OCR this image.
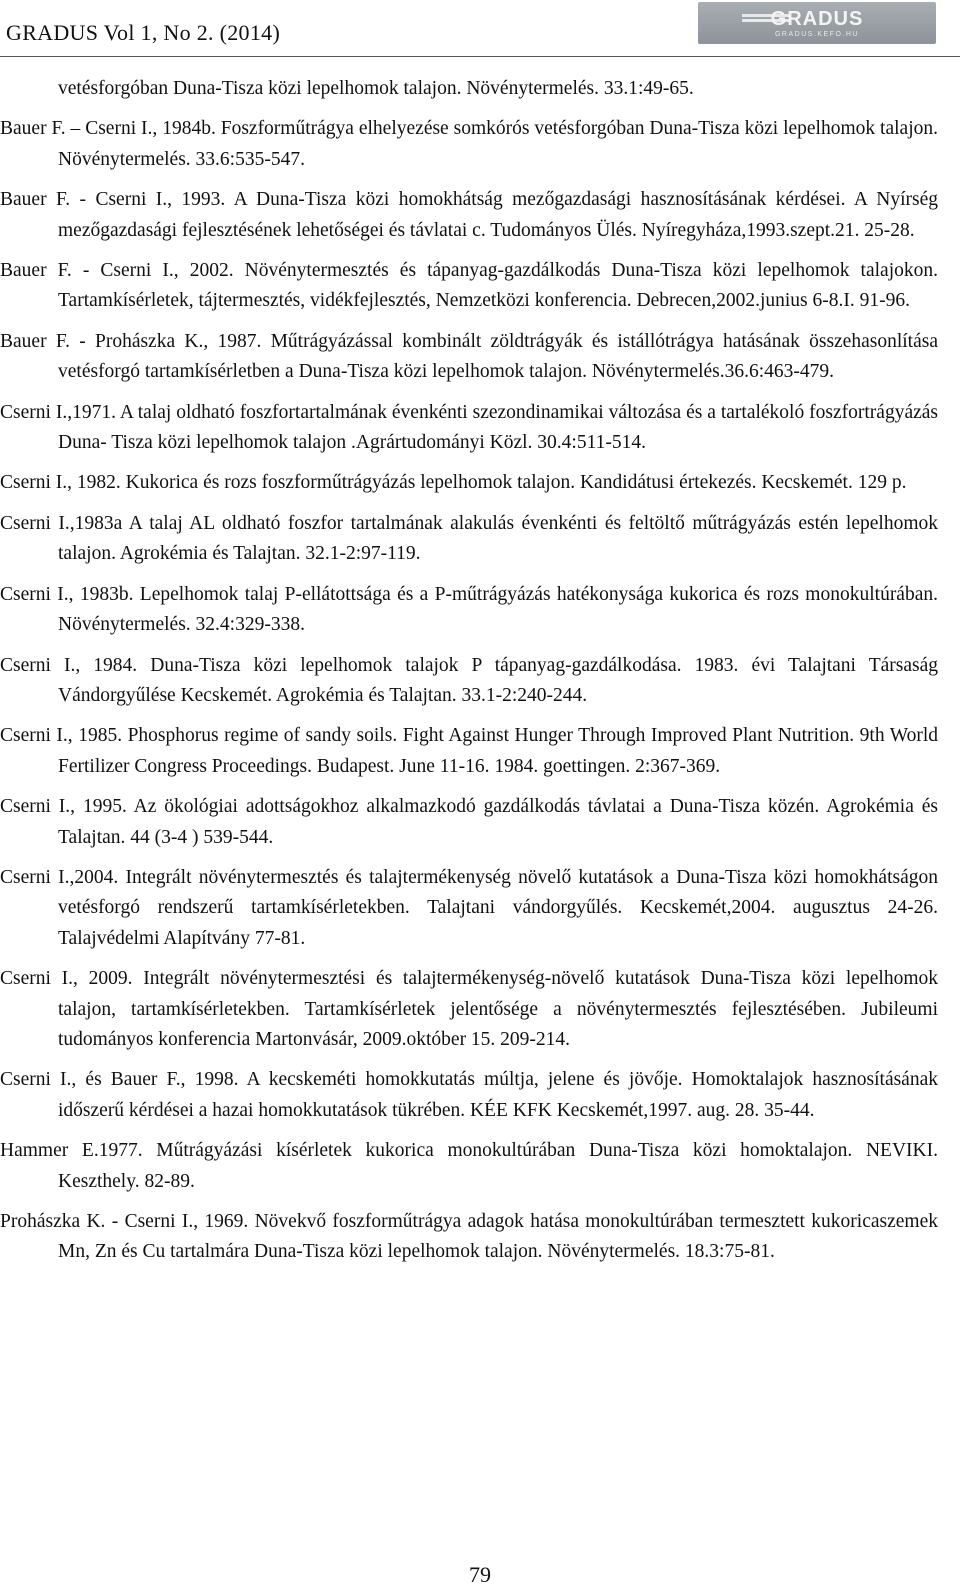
GRADUS Vol 1, No 2. (2014)
GRADUS
GRADUS.KEFO.HU

vetésforgóban Duna-Tisza közi lepelhomok talajon. Növénytermelés. 33.1:49-65.

Bauer F. – Cserni I., 1984b. Foszforműtrágya elhelyezése somkórós vetésforgóban Duna-Tisza közi lepelhomok talajon. Növénytermelés. 33.6:535-547.

Bauer F. - Cserni I., 1993. A Duna-Tisza közi homokhátság mezőgazdasági hasznosításának kérdései. A Nyírség mezőgazdasági fejlesztésének lehetőségei és távlatai c. Tudományos Ülés. Nyíregyháza,1993.szept.21. 25-28.

Bauer F. - Cserni I., 2002. Növénytermesztés és tápanyag-gazdálkodás Duna-Tisza közi lepelhomok talajokon. Tartamkísérletek, tájtermesztés, vidékfejlesztés, Nemzetközi konferencia. Debrecen,2002.junius 6-8.I. 91-96.

Bauer F. - Prohászka K., 1987. Műtrágyázással kombinált zöldtrágyák és istállótrágya hatásának összehasonlítása vetésforgó tartamkísérletben a Duna-Tisza közi lepelhomok talajon. Növénytermelés.36.6:463-479.

Cserni I.,1971. A talaj oldható foszfortartalmának évenkénti szezondinamikai változása és a tartalékoló foszfortrágyázás Duna- Tisza közi lepelhomok talajon .Agrártudományi Közl. 30.4:511-514.

Cserni I., 1982. Kukorica és rozs foszforműtrágyázás lepelhomok talajon. Kandidátusi értekezés. Kecskemét. 129 p.

Cserni I.,1983a A talaj AL oldható foszfor tartalmának alakulás évenkénti és feltöltő műtrágyázás estén lepelhomok talajon. Agrokémia és Talajtan. 32.1-2:97-119.

Cserni I., 1983b. Lepelhomok talaj P-ellátottsága és a P-műtrágyázás hatékonysága kukorica és rozs monokultúrában. Növénytermelés. 32.4:329-338.

Cserni I., 1984. Duna-Tisza közi lepelhomok talajok P tápanyag-gazdálkodása. 1983. évi Talajtani Társaság Vándorgyűlése Kecskemét. Agrokémia és Talajtan. 33.1-2:240-244.

Cserni I., 1985. Phosphorus regime of sandy soils. Fight Against Hunger Through Improved Plant Nutrition. 9th World Fertilizer Congress Proceedings. Budapest. June 11-16. 1984. goettingen. 2:367-369.

Cserni I., 1995. Az ökológiai adottságokhoz alkalmazkodó gazdálkodás távlatai a Duna-Tisza közén. Agrokémia és Talajtan. 44 (3-4 ) 539-544.

Cserni I.,2004. Integrált növénytermesztés és talajtermékenység növelő kutatások a Duna-Tisza közi homokhátságon vetésforgó rendszerű tartamkísérletekben. Talajtani vándorgyűlés. Kecskemét,2004. augusztus 24-26. Talajvédelmi Alapítvány 77-81.

Cserni I., 2009. Integrált növénytermesztési és talajtermékenység-növelő kutatások Duna-Tisza közi lepelhomok talajon, tartamkísérletekben. Tartamkísérletek jelentősége a növénytermesztés fejlesztésében. Jubileumi tudományos konferencia Martonvásár, 2009.október 15. 209-214.

Cserni I., és Bauer F., 1998. A kecskeméti homokkutatás múltja, jelene és jövője. Homoktalajok hasznosításának időszerű kérdései a hazai homokkutatások tükrében. KÉE KFK Kecskemét,1997. aug. 28. 35-44.

Hammer E.1977. Műtrágyázási kísérletek kukorica monokultúrában Duna-Tisza közi homoktalajon. NEVIKI. Keszthely. 82-89.

Prohászka K. - Cserni I., 1969. Növekvő foszforműtrágya adagok hatása monokultúrában termesztett kukoricaszemek Mn, Zn és Cu tartalmára Duna-Tisza közi lepelhomok talajon. Növénytermelés. 18.3:75-81.

79
